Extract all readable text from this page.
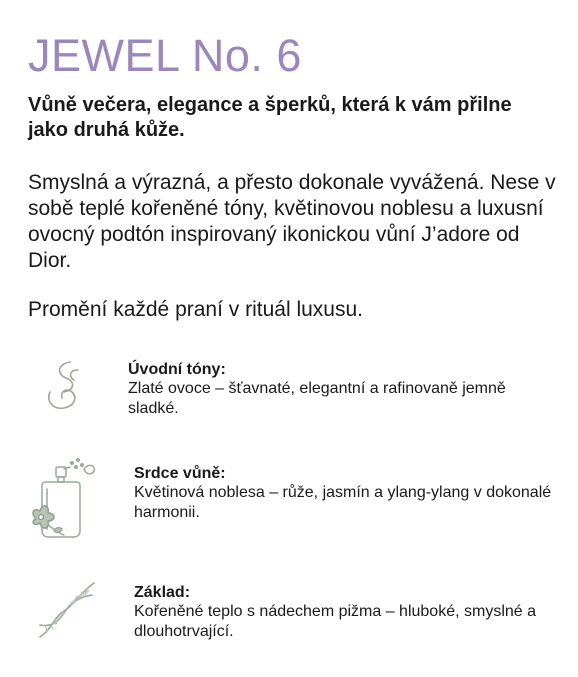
JEWEL No. 6

Vůně večera, elegance a šperků, která k vám přilne jako druhá kůže.

Smyslná a výrazná, a přesto dokonale vyvážená. Nese v sobě teplé kořeněné tóny, květinovou noblesu a luxusní ovocný podtón inspirovaný ikonickou vůní J’adore od Dior.

Promění každé praní v rituál luxusu.

Úvodní tóny:

Zlaté ovoce – šťavnaté, elegantní a rafinovaně jemně sladké.

Srdce vůně:

Květinová noblesa – růže, jasmín a ylang-ylang v dokonalé harmonii.

Základ:

Kořeněné teplo s nádechem pižma – hluboké, smyslné a dlouhotrvající.
